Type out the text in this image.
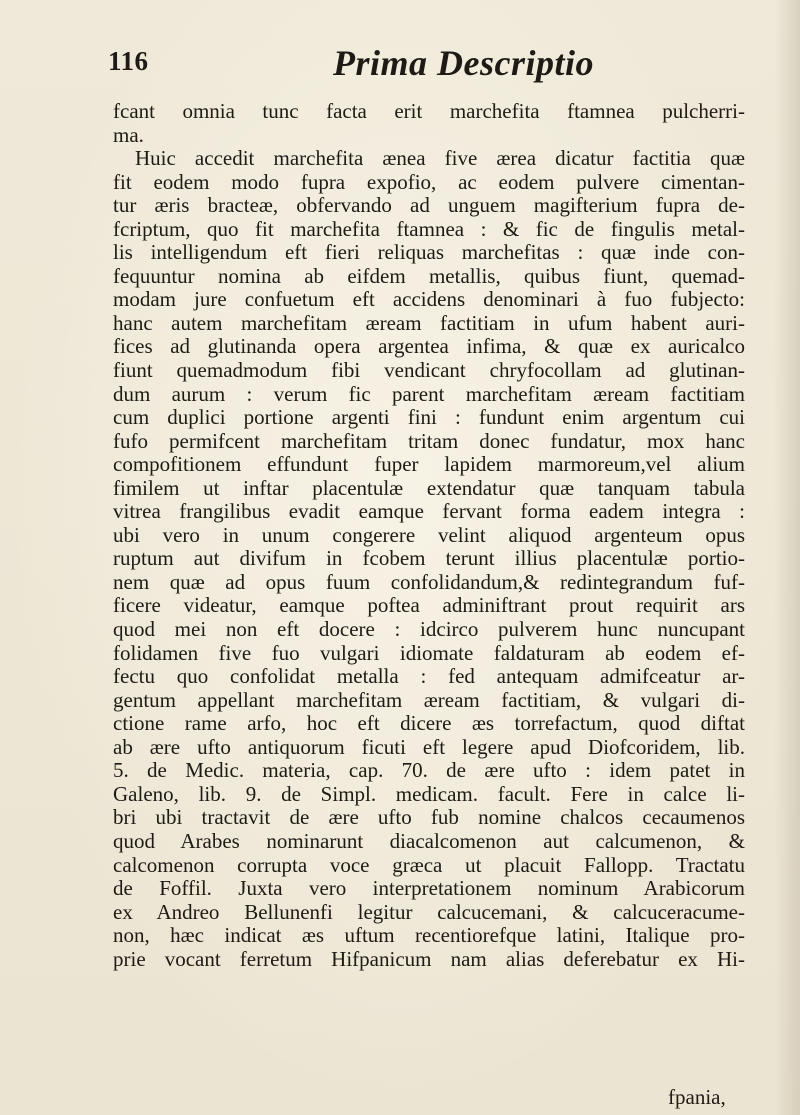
116	Prima Descriptio
fcant omnia tunc facta erit marchefita ftamnea pulcherri-
ma.
Huic accedit marchefita ænea five ærea dicatur factitia quæ
fit eodem modo fupra expofio, ac eodem pulvere cimentan-
tur æris bracteæ, obfervando ad unguem magifterium fupra de-
fcriptum, quo fit marchefita ftamnea : & fic de fingulis metal-
lis intelligendum eft fieri reliquas marchefitas : quæ inde con-
fequuntur nomina ab eifdem metallis, quibus fiunt, quemad-
modam jure confuetum eft accidens denominari à fuo fubjecto:
hanc autem marchefitam æream factitiam in ufum habent auri-
fices ad glutinanda opera argentea infima, & quæ ex auricalco
fiunt quemadmodum fibi vendicant chryfocollam ad glutinan-
dum aurum : verum fic parent marchefitam æream factitiam
cum duplici portione argenti fini : fundunt enim argentum cui
fufo permifcent marchefitam tritam donec fundatur, mox hanc
compofitionem effundunt fuper lapidem marmoreum,vel alium
fimilem ut inftar placentulæ extendatur quæ tanquam tabula
vitrea frangilibus evadit eamque fervant forma eadem integra :
ubi vero in unum congerere velint aliquod argenteum opus
ruptum aut divifum in fcobem terunt illius placentulæ portio-
nem quæ ad opus fuum confolidandum,& redintegrandum fuf-
ficere videatur, eamque poftea adminiftrant prout requirit ars
quod mei non eft docere : idcirco pulverem hunc nuncupant
folidamen five fuo vulgari idiomate faldaturam ab eodem ef-
fectu quo confolidat metalla : fed antequam admifceatur ar-
gentum appellant marchefitam æream factitiam, & vulgari di-
ctione rame arfo, hoc eft dicere æs torrefactum, quod diftat
ab ære ufto antiquorum ficuti eft legere apud Diofcoridem, lib.
5. de Medic. materia, cap. 70. de ære ufto : idem patet in
Galeno, lib. 9. de Simpl. medicam. facult. Fere in calce li-
bri ubi tractavit de ære ufto fub nomine chalcos cecaumenos
quod Arabes nominarunt diacalcomenon aut calcumenon, &
calcomenon corrupta voce græca ut placuit Fallopp. Tractatu
de Foffil. Juxta vero interpretationem nominum Arabicorum
ex Andreo Bellunenfi legitur calcucemani, & calcuceracume-
non, hæc indicat æs uftum recentiorefque latini, Italique pro-
prie vocant ferretum Hifpanicum nam alias deferebatur ex Hi-
fpania,
